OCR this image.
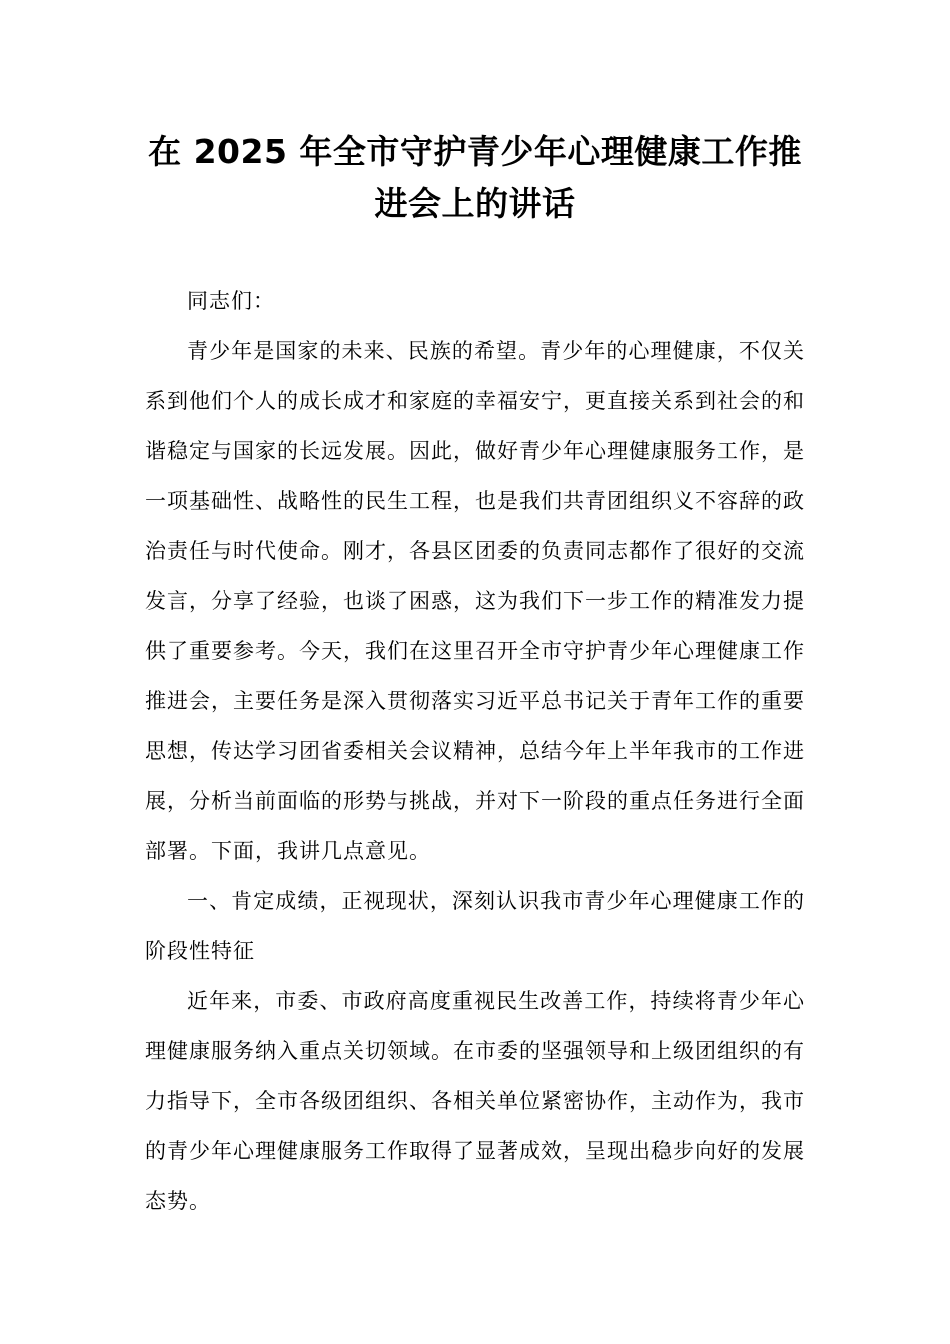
在 2025 年全市守护青少年心理健康工作推
进会上的讲话

同志们：

青少年是国家的未来、民族的希望。青少年的心理健康，不仅关系到他们个人的成长成才和家庭的幸福安宁，更直接关系到社会的和谐稳定与国家的长远发展。因此，做好青少年心理健康服务工作，是一项基础性、战略性的民生工程，也是我们共青团组织义不容辞的政治责任与时代使命。刚才，各县区团委的负责同志都作了很好的交流发言，分享了经验，也谈了困惑，这为我们下一步工作的精准发力提供了重要参考。今天，我们在这里召开全市守护青少年心理健康工作推进会，主要任务是深入贯彻落实习近平总书记关于青年工作的重要思想，传达学习团省委相关会议精神，总结今年上半年我市的工作进展，分析当前面临的形势与挑战，并对下一阶段的重点任务进行全面部署。下面，我讲几点意见。

一、肯定成绩，正视现状，深刻认识我市青少年心理健康工作的阶段性特征

近年来，市委、市政府高度重视民生改善工作，持续将青少年心理健康服务纳入重点关切领域。在市委的坚强领导和上级团组织的有力指导下，全市各级团组织、各相关单位紧密协作，主动作为，我市的青少年心理健康服务工作取得了显著成效，呈现出稳步向好的发展态势。
